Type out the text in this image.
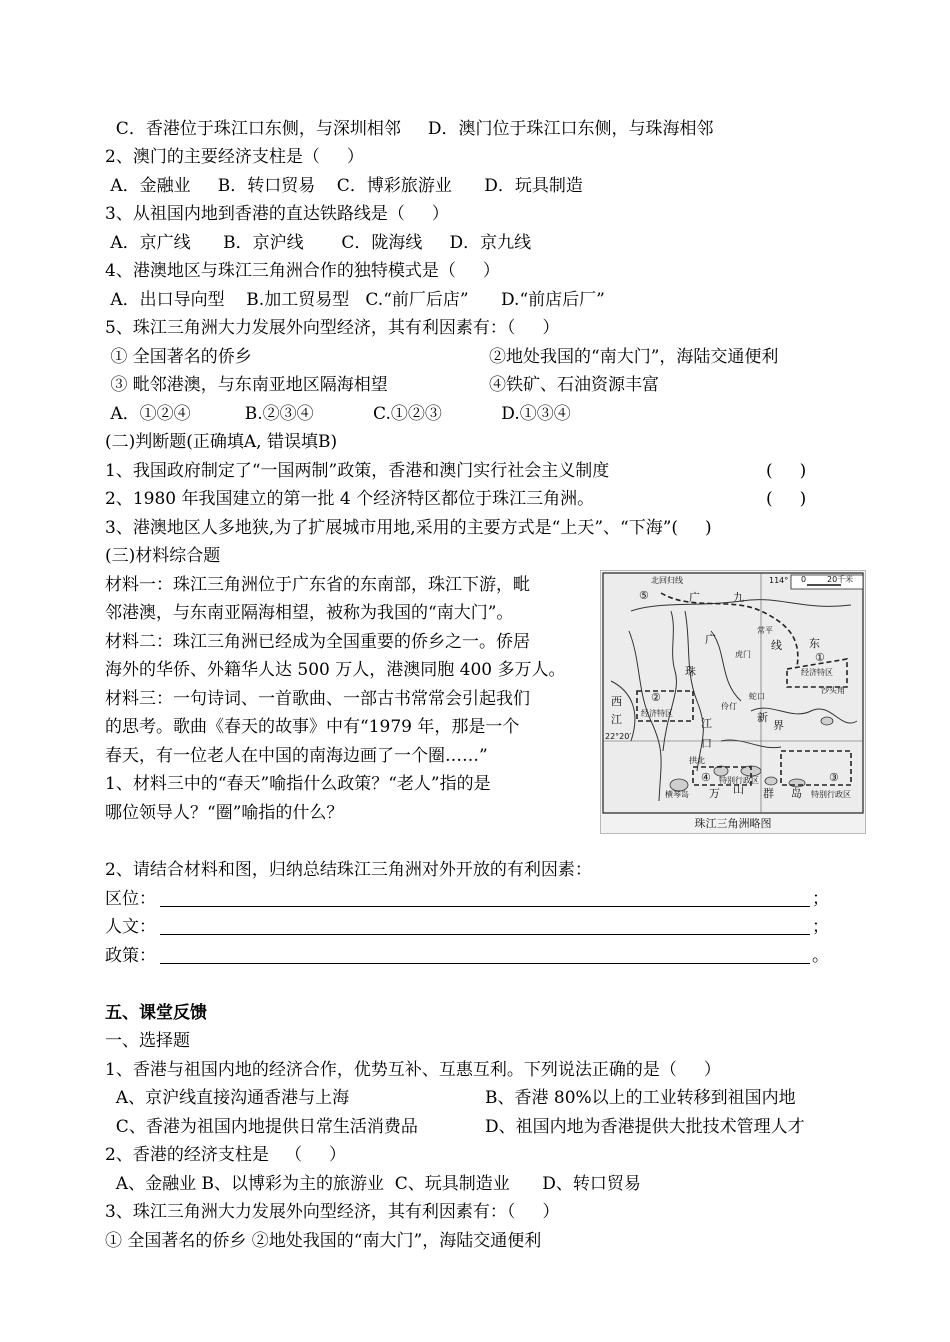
C．香港位于珠江口东侧，与深圳相邻     D．澳门位于珠江口东侧，与珠海相邻
2、澳门的主要经济支柱是（     ）
A．金融业     B．转口贸易    C．博彩旅游业      D．玩具制造
3、从祖国内地到香港的直达铁路线是（     ）
A．京广线      B．京沪线       C．陇海线     D．京九线
4、港澳地区与珠江三角洲合作的独特模式是（     ）
A．出口导向型    B.加工贸易型   C.“前厂后店”      D.“前店后厂”
5、珠江三角洲大力发展外向型经济，其有利因素有：（     ）
① 全国著名的侨乡	②地处我国的“南大门”，海陆交通便利
③ 毗邻港澳，与东南亚地区隔海相望	④铁矿、石油资源丰富
A．①②④          B.②③④           C.①②③           D.①③④
(二)判断题(正确填A, 错误填B)
1、我国政府制定了“一国两制”政策，香港和澳门实行社会主义制度	(     )
2、1980 年我国建立的第一批 4 个经济特区都位于珠江三角洲。	(     )
3、港澳地区人多地狭,为了扩展城市用地,采用的主要方式是“上天”、“下海”(     )
(三)材料综合题
材料一：珠江三角洲位于广东省的东南部，珠江下游，毗
邻港澳，与东南亚隔海相望，被称为我国的“南大门”。
材料二：珠江三角洲已经成为全国重要的侨乡之一。侨居
海外的华侨、外籍华人达 500 万人，港澳同胞 400 多万人。
材料三：一句诗词、一首歌曲、一部古书常常会引起我们
的思考。歌曲《春天的故事》中有“1979 年，那是一个
春天，有一位老人在中国的南海边画了一个圈……”
1、材料三中的“春天”喻指什么政策？“老人”指的是
哪位领导人？“圈”喻指的什么？
2、请结合材料和图，归纳总结珠江三角洲对外开放的有利因素：
区位：	；
人文：	；
政策：	。
五、课堂反馈
一、选择题
1、香港与祖国内地的经济合作，优势互补、互惠互利。下列说法正确的是（     ）
A、京沪线直接沟通香港与上海	B、香港 80%以上的工业转移到祖国内地
C、香港为祖国内地提供日常生活消费品	D、祖国内地为香港提供大批技术管理人才
2、香港的经济支柱是   （     ）
A、金融业 B、以博彩为主的旅游业  C、玩具制造业      D、转口贸易
3、珠江三角洲大力发展外向型经济，其有利因素有：（     ）
① 全国著名的侨乡 ②地处我国的“南大门”，海陆交通便利
北回归线	114° 0	20千米
⑤	广	九
常平
线 东
广
虎门	①
经济特区
沙头角
珠
蛇口
伶仃
②
经济特区
西
江
22°20′
江
口
新
界
拱北
④ 特别行政区
横琴岛 万 山 群 岛
③
特别行政区
珠江三角洲略图
